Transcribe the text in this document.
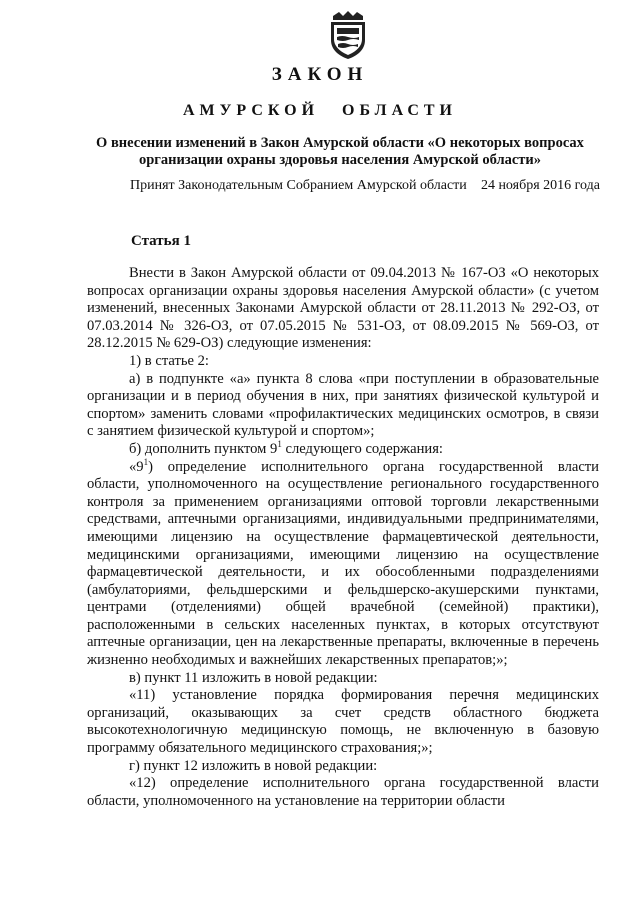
ЗАКОН
АМУРСКОЙ ОБЛАСТИ

О внесении изменений в Закон Амурской области «О некоторых вопросах организации охраны здоровья населения Амурской области»

Принят Законодательным Собранием Амурской области 24 ноября 2016 года
Статья 1

Внести в Закон Амурской области от 09.04.2013 № 167-ОЗ «О некоторых вопросах организации охраны здоровья населения Амурской области» (с учетом изменений, внесенных Законами Амурской области от 28.11.2013 № 292-ОЗ, от 07.03.2014 № 326-ОЗ, от 07.05.2015 № 531-ОЗ, от 08.09.2015 № 569-ОЗ, от 28.12.2015 № 629-ОЗ) следующие изменения:

1) в статье 2:

а) в подпункте «а» пункта 8 слова «при поступлении в образовательные организации и в период обучения в них, при занятиях физической культурой и спортом» заменить словами «профилактических медицинских осмотров, в связи с занятием физической культурой и спортом»;

б) дополнить пунктом $9^1$ следующего содержания:

«$9^1$) определение исполнительного органа государственной власти области, уполномоченного на осуществление регионального государственного контроля за применением организациями оптовой торговли лекарственными средствами, аптечными организациями, индивидуальными предпринимателями, имеющими лицензию на осуществление фармацевтической деятельности, медицинскими организациями, имеющими лицензию на осуществление фармацевтической деятельности, и их обособленными подразделениями (амбулаториями, фельдшерскими и фельдшерско-акушерскими пунктами, центрами (отделениями) общей врачебной (семейной) практики), расположенными в сельских населенных пунктах, в которых отсутствуют аптечные организации, цен на лекарственные препараты, включенные в перечень жизненно необходимых и важнейших лекарственных препаратов;»;

в) пункт 11 изложить в новой редакции:

«11) установление порядка формирования перечня медицинских организаций, оказывающих за счет средств областного бюджета высокотехнологичную медицинскую помощь, не включенную в базовую программу обязательного медицинского страхования;»;

г) пункт 12 изложить в новой редакции:

«12) определение исполнительного органа государственной власти области, уполномоченного на установление на территории области
